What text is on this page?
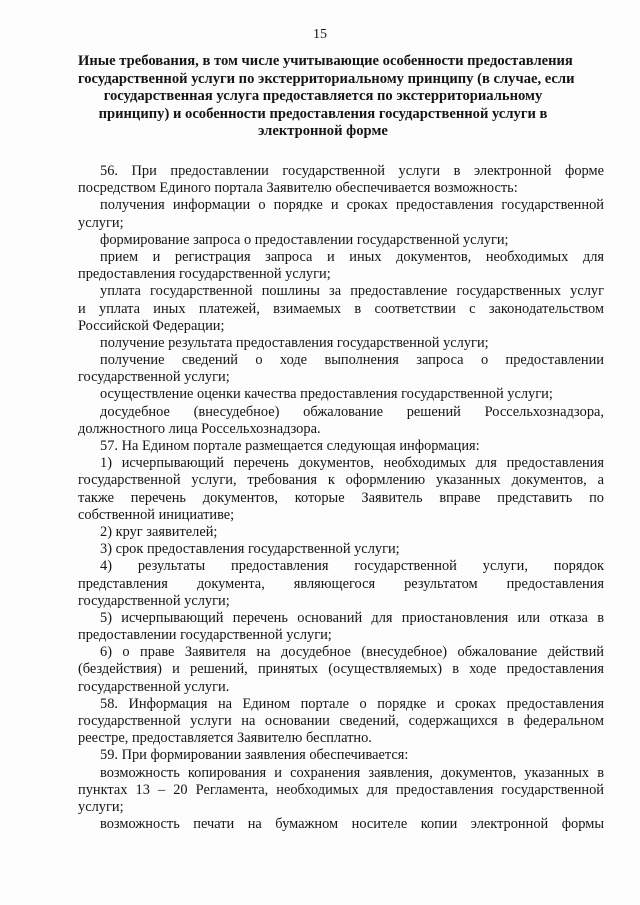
15
Иные требования, в том числе учитывающие особенности предоставления
государственной услуги по экстерриториальному принципу (в случае, если
государственная услуга предоставляется по экстерриториальному
принципу) и особенности предоставления государственной услуги в
электронной форме
56. При предоставлении государственной услуги в электронной форме
посредством Единого портала Заявителю обеспечивается возможность:
получения информации о порядке и сроках предоставления государственной
услуги;
формирование запроса о предоставлении государственной услуги;
прием и регистрация запроса и иных документов, необходимых для
предоставления государственной услуги;
уплата государственной пошлины за предоставление государственных услуг
и уплата иных платежей, взимаемых в соответствии с законодательством
Российской Федерации;
получение результата предоставления государственной услуги;
получение сведений о ходе выполнения запроса о предоставлении
государственной услуги;
осуществление оценки качества предоставления государственной услуги;
досудебное (внесудебное) обжалование решений Россельхознадзора,
должностного лица Россельхознадзора.
57. На Едином портале размещается следующая информация:
1) исчерпывающий перечень документов, необходимых для предоставления
государственной услуги, требования к оформлению указанных документов, а
также перечень документов, которые Заявитель вправе представить по
собственной инициативе;
2) круг заявителей;
3) срок предоставления государственной услуги;
4) результаты предоставления государственной услуги, порядок
представления документа, являющегося результатом предоставления
государственной услуги;
5) исчерпывающий перечень оснований для приостановления или отказа в
предоставлении государственной услуги;
6) о праве Заявителя на досудебное (внесудебное) обжалование действий
(бездействия) и решений, принятых (осуществляемых) в ходе предоставления
государственной услуги.
58. Информация на Едином портале о порядке и сроках предоставления
государственной услуги на основании сведений, содержащихся в федеральном
реестре, предоставляется Заявителю бесплатно.
59. При формировании заявления обеспечивается:
возможность копирования и сохранения заявления, документов, указанных в
пунктах 13 – 20 Регламента, необходимых для предоставления государственной
услуги;
возможность печати на бумажном носителе копии электронной формы
